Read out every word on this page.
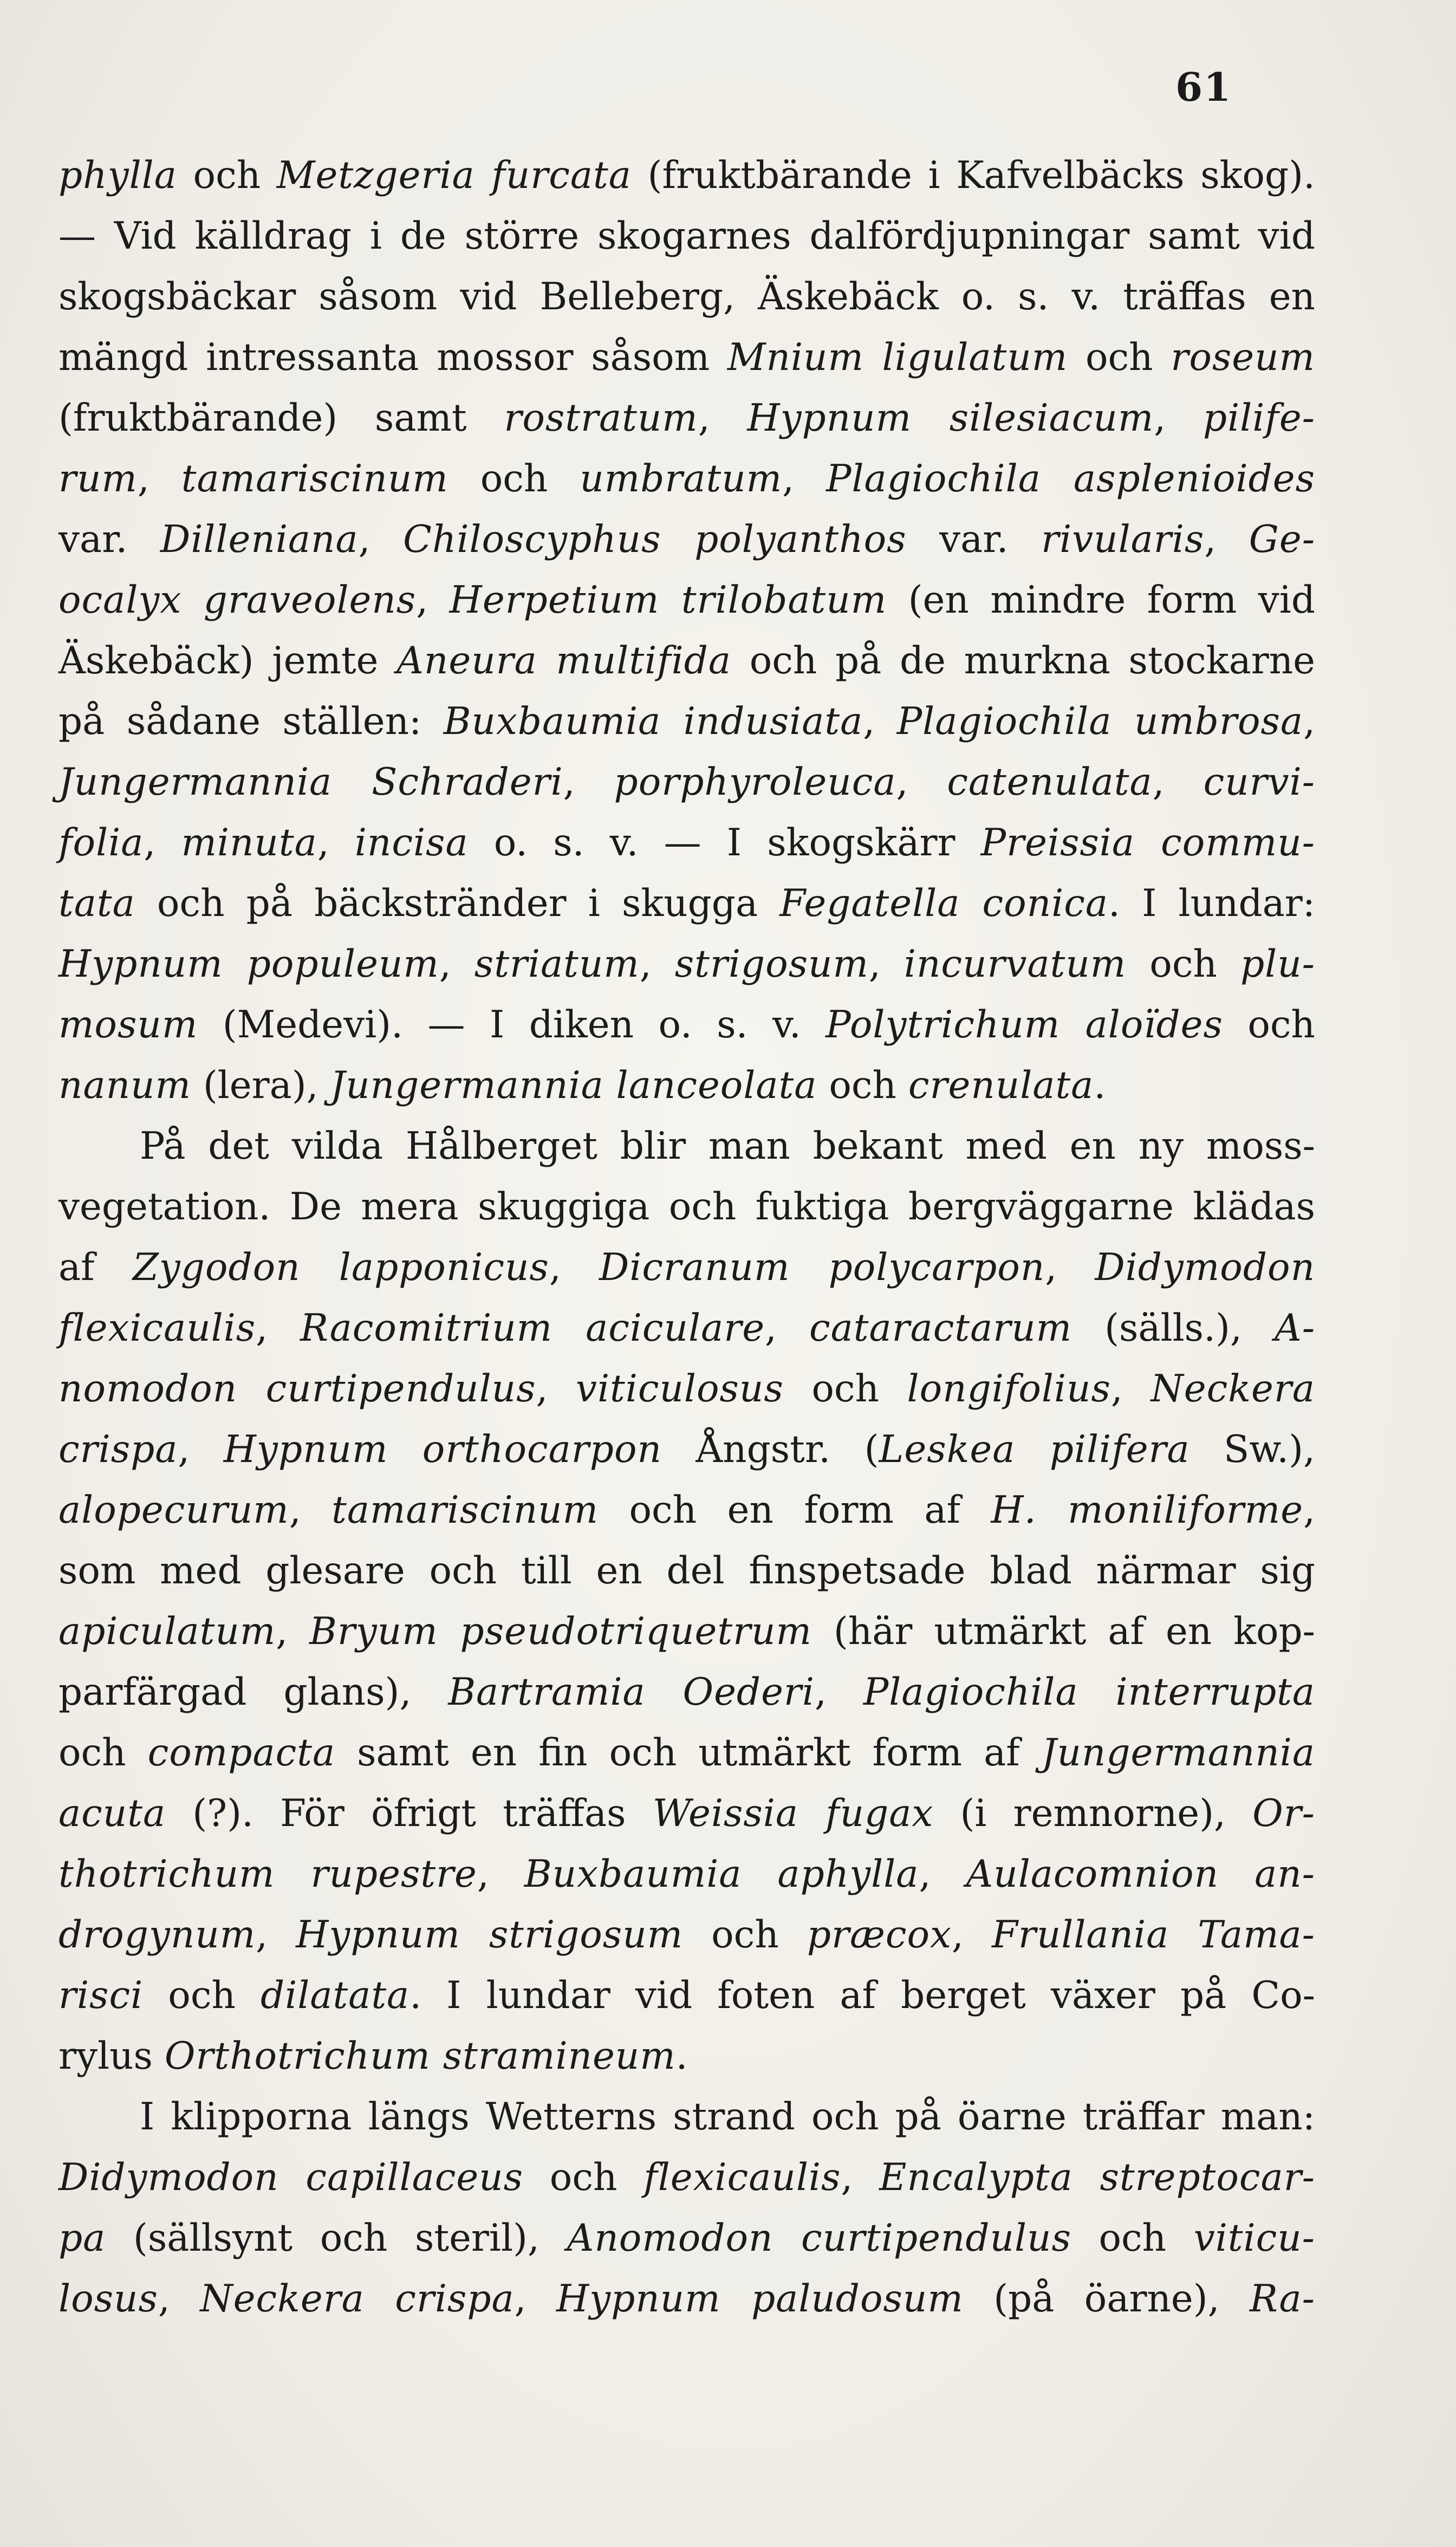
61
phylla och Metzgeria furcata (fruktbärande i Kafvelbäcks skog).
— Vid källdrag i de större skogarnes dalfördjupningar samt vid
skogsbäckar såsom vid Belleberg, Äskebäck o. s. v. träffas en
mängd intressanta mossor såsom Mnium ligulatum och roseum
(fruktbärande) samt rostratum, Hypnum silesiacum, pilife-
rum, tamariscinum och umbratum, Plagiochila asplenioides
var. Dilleniana, Chiloscyphus polyanthos var. rivularis, Ge-
ocalyx graveolens, Herpetium trilobatum (en mindre form vid
Äskebäck) jemte Aneura multifida och på de murkna stockarne
på sådane ställen: Buxbaumia indusiata, Plagiochila umbrosa,
Jungermannia Schraderi, porphyroleuca, catenulata, curvi-
folia, minuta, incisa o. s. v. — I skogskärr Preissia commu-
tata och på bäckstränder i skugga Fegatella conica. I lundar:
Hypnum populeum, striatum, strigosum, incurvatum och plu-
mosum (Medevi). — I diken o. s. v. Polytrichum aloïdes och
nanum (lera), Jungermannia lanceolata och crenulata.
På det vilda Hålberget blir man bekant med en ny moss-
vegetation. De mera skuggiga och fuktiga bergväggarne klädas
af Zygodon lapponicus, Dicranum polycarpon, Didymodon
flexicaulis, Racomitrium aciculare, cataractarum (sälls.), A-
nomodon curtipendulus, viticulosus och longifolius, Neckera
crispa, Hypnum orthocarpon Ångstr. (Leskea pilifera Sw.),
alopecurum, tamariscinum och en form af H. moniliforme,
som med glesare och till en del finspetsade blad närmar sig
apiculatum, Bryum pseudotriquetrum (här utmärkt af en kop-
parfärgad glans), Bartramia Oederi, Plagiochila interrupta
och compacta samt en fin och utmärkt form af Jungermannia
acuta (?). För öfrigt träffas Weissia fugax (i remnorne), Or-
thotrichum rupestre, Buxbaumia aphylla, Aulacomnion an-
drogynum, Hypnum strigosum och præcox, Frullania Tama-
risci och dilatata. I lundar vid foten af berget växer på Co-
rylus Orthotrichum stramineum.
I klipporna längs Wetterns strand och på öarne träffar man:
Didymodon capillaceus och flexicaulis, Encalypta streptocar-
pa (sällsynt och steril), Anomodon curtipendulus och viticu-
losus, Neckera crispa, Hypnum paludosum (på öarne), Ra-
